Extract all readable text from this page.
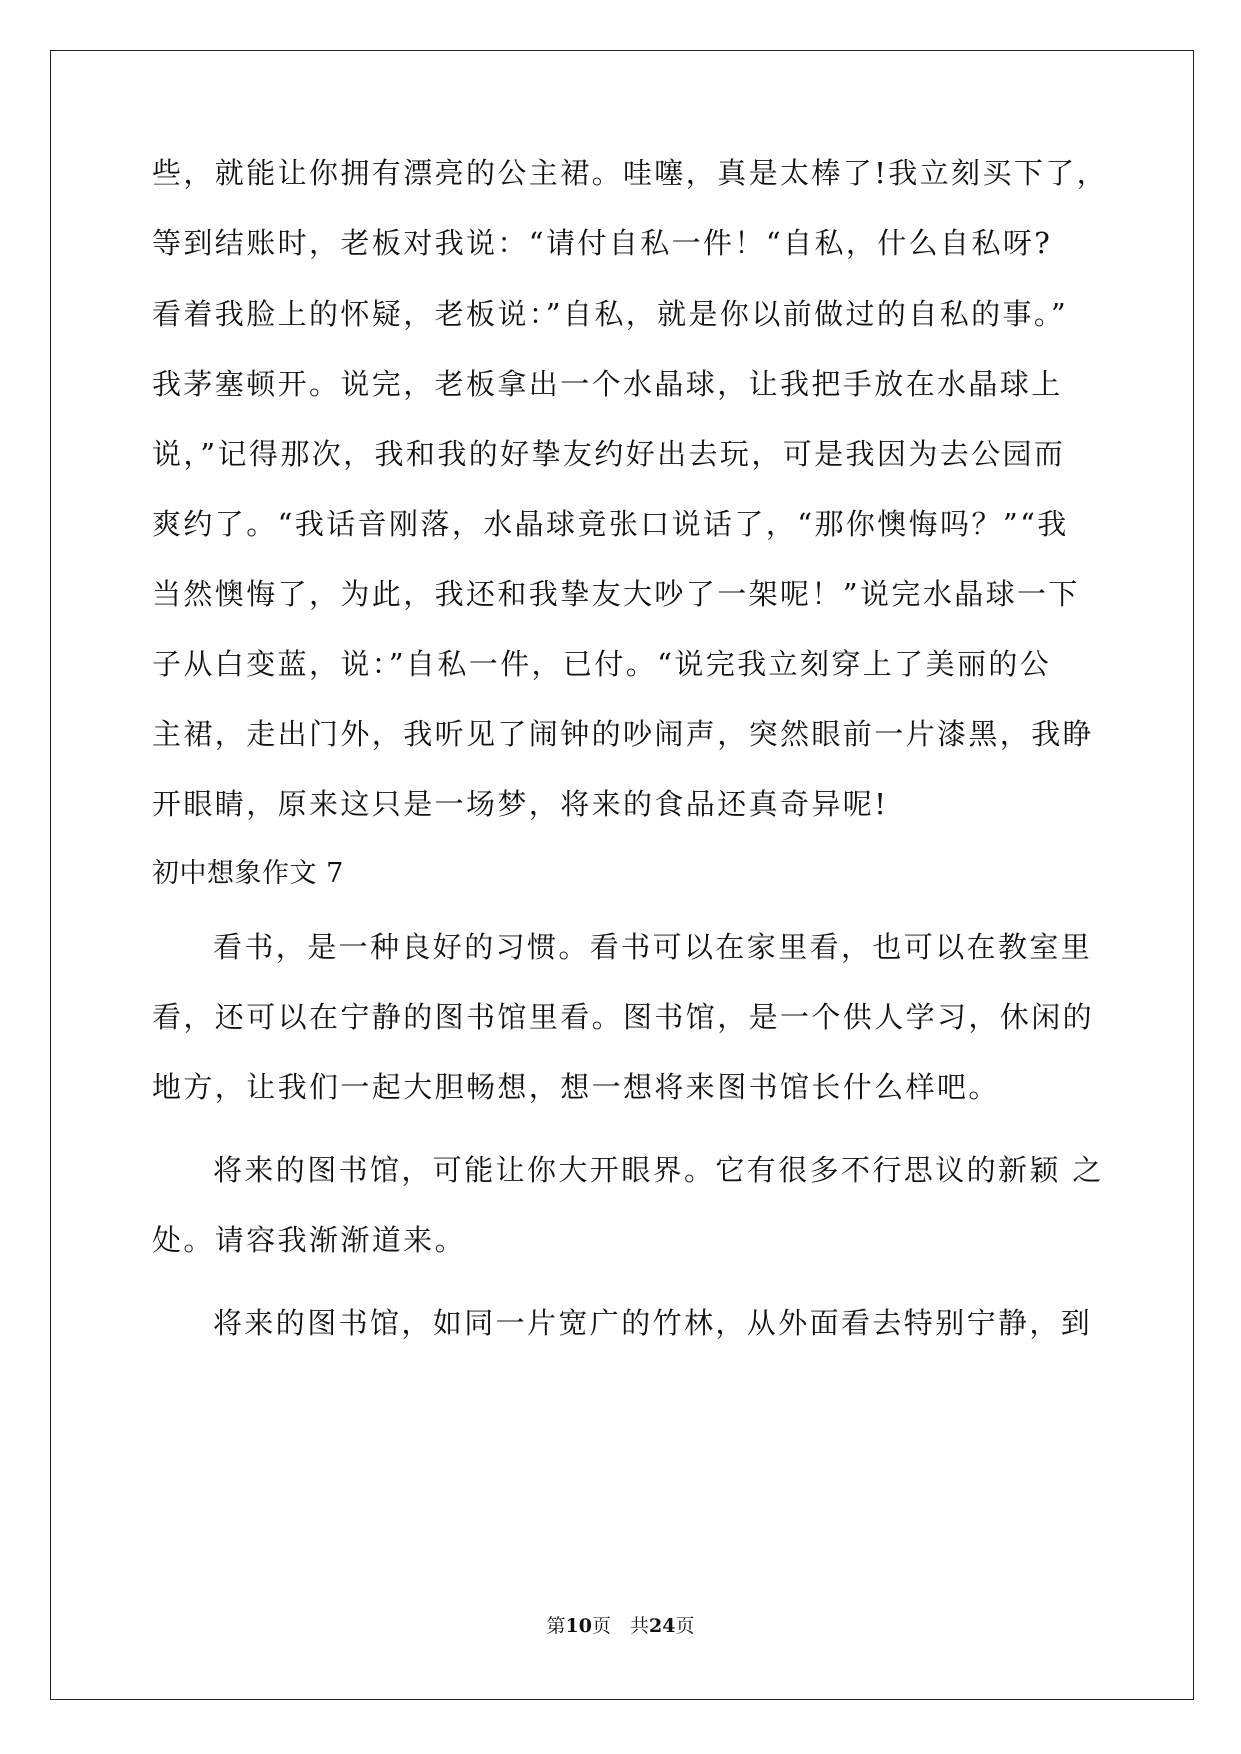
些，就能让你拥有漂亮的公主裙。哇噻，真是太棒了!我立刻买下了，
等到结账时，老板对我说：“请付自私一件！“自私，什么自私呀?
看着我脸上的怀疑，老板说：”自私，就是你以前做过的自私的事。”
我茅塞顿开。说完，老板拿出一个水晶球，让我把手放在水晶球上
说，”记得那次，我和我的好挚友约好出去玩，可是我因为去公园而
爽约了。“我话音刚落，水晶球竟张口说话了，“那你懊悔吗？”“我
当然懊悔了，为此，我还和我挚友大吵了一架呢！”说完水晶球一下
子从白变蓝，说：”自私一件，已付。“说完我立刻穿上了美丽的公
主裙，走出门外，我听见了闹钟的吵闹声，突然眼前一片漆黑，我睁
开眼睛，原来这只是一场梦，将来的食品还真奇异呢!
初中想象作文 7
看书，是一种良好的习惯。看书可以在家里看，也可以在教室里
看，还可以在宁静的图书馆里看。图书馆，是一个供人学习，休闲的
地方，让我们一起大胆畅想，想一想将来图书馆长什么样吧。
将来的图书馆，可能让你大开眼界。它有很多不行思议的新颖 之
处。请容我渐渐道来。
将来的图书馆，如同一片宽广的竹林，从外面看去特别宁静，到
第10页　共24页
